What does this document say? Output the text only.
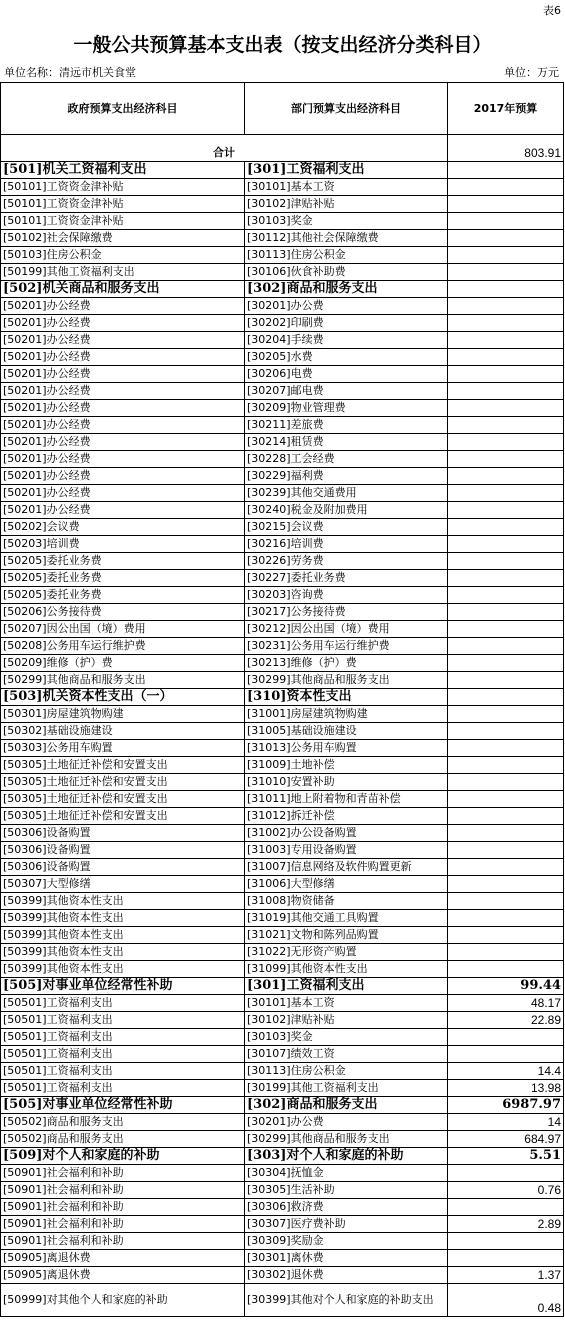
表6
一般公共预算基本支出表（按支出经济分类科目）
单位名称：清远市机关食堂	单位：万元
政府预算支出经济科目	部门预算支出经济科目	2017年预算
合计		803.91
[501]机关工资福利支出	[301]工资福利支出	
[50101]工资资金津补贴	[30101]基本工资	
[50101]工资资金津补贴	[30102]津贴补贴	
[50101]工资资金津补贴	[30103]奖金	
[50102]社会保障缴费	[30112]其他社会保障缴费	
[50103]住房公积金	[30113]住房公积金	
[50199]其他工资福利支出	[30106]伙食补助费	
[502]机关商品和服务支出	[302]商品和服务支出	
[50201]办公经费	[30201]办公费	
[50201]办公经费	[30202]印刷费	
[50201]办公经费	[30204]手续费	
[50201]办公经费	[30205]水费	
[50201]办公经费	[30206]电费	
[50201]办公经费	[30207]邮电费	
[50201]办公经费	[30209]物业管理费	
[50201]办公经费	[30211]差旅费	
[50201]办公经费	[30214]租赁费	
[50201]办公经费	[30228]工会经费	
[50201]办公经费	[30229]福利费	
[50201]办公经费	[30239]其他交通费用	
[50201]办公经费	[30240]税金及附加费用	
[50202]会议费	[30215]会议费	
[50203]培训费	[30216]培训费	
[50205]委托业务费	[30226]劳务费	
[50205]委托业务费	[30227]委托业务费	
[50205]委托业务费	[30203]咨询费	
[50206]公务接待费	[30217]公务接待费	
[50207]因公出国（境）费用	[30212]因公出国（境）费用	
[50208]公务用车运行维护费	[30231]公务用车运行维护费	
[50209]维修（护）费	[30213]维修（护）费	
[50299]其他商品和服务支出	[30299]其他商品和服务支出	
[503]机关资本性支出（一）	[310]资本性支出	
[50301]房屋建筑物购建	[31001]房屋建筑物购建	
[50302]基础设施建设	[31005]基础设施建设	
[50303]公务用车购置	[31013]公务用车购置	
[50305]土地征迁补偿和安置支出	[31009]土地补偿	
[50305]土地征迁补偿和安置支出	[31010]安置补助	
[50305]土地征迁补偿和安置支出	[31011]地上附着物和青苗补偿	
[50305]土地征迁补偿和安置支出	[31012]拆迁补偿	
[50306]设备购置	[31002]办公设备购置	
[50306]设备购置	[31003]专用设备购置	
[50306]设备购置	[31007]信息网络及软件购置更新	
[50307]大型修缮	[31006]大型修缮	
[50399]其他资本性支出	[31008]物资储备	
[50399]其他资本性支出	[31019]其他交通工具购置	
[50399]其他资本性支出	[31021]文物和陈列品购置	
[50399]其他资本性支出	[31022]无形资产购置	
[50399]其他资本性支出	[31099]其他资本性支出	
[505]对事业单位经常性补助	[301]工资福利支出	99.44
[50501]工资福利支出	[30101]基本工资	48.17
[50501]工资福利支出	[30102]津贴补贴	22.89
[50501]工资福利支出	[30103]奖金	
[50501]工资福利支出	[30107]绩效工资	
[50501]工资福利支出	[30113]住房公积金	14.4
[50501]工资福利支出	[30199]其他工资福利支出	13.98
[505]对事业单位经常性补助	[302]商品和服务支出	6987.97
[50502]商品和服务支出	[30201]办公费	14
[50502]商品和服务支出	[30299]其他商品和服务支出	684.97
[509]对个人和家庭的补助	[303]对个人和家庭的补助	5.51
[50901]社会福利和补助	[30304]抚恤金	
[50901]社会福利和补助	[30305]生活补助	0.76
[50901]社会福利和补助	[30306]救济费	
[50901]社会福利和补助	[30307]医疗费补助	2.89
[50901]社会福利和补助	[30309]奖励金	
[50905]离退休费	[30301]离休费	
[50905]离退休费	[30302]退休费	1.37
[50999]对其他个人和家庭的补助	[30399]其他对个人和家庭的补助支出	0.48
